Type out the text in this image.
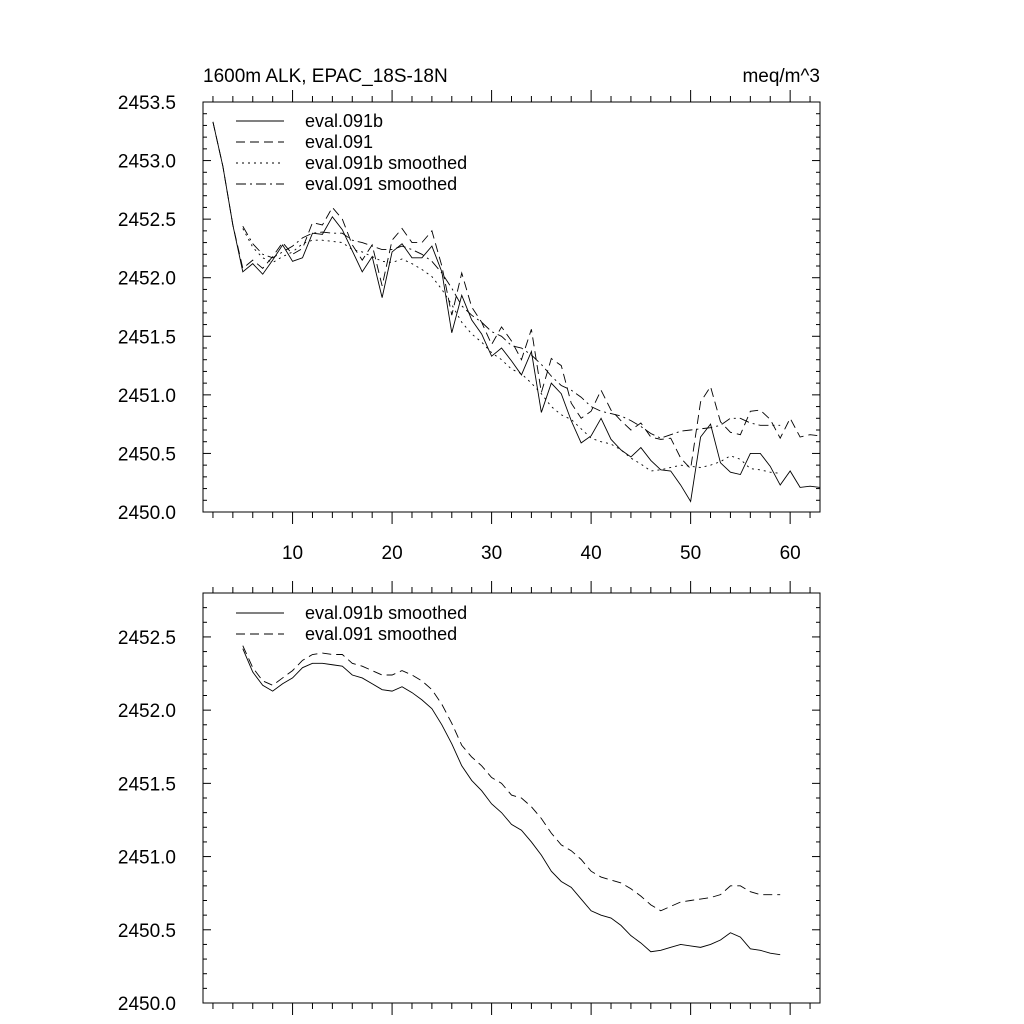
1600m ALK, EPAC_18S-18N	meq/m^3
2450.0
2450.5
2451.0
2451.5
2452.0
2452.5
2453.0
2453.5
10	20	30	40	50	60
eval.091b
eval.091
eval.091b smoothed
eval.091 smoothed
2450.0
2450.5
2451.0
2451.5
2452.0
2452.5
eval.091b smoothed
eval.091 smoothed
